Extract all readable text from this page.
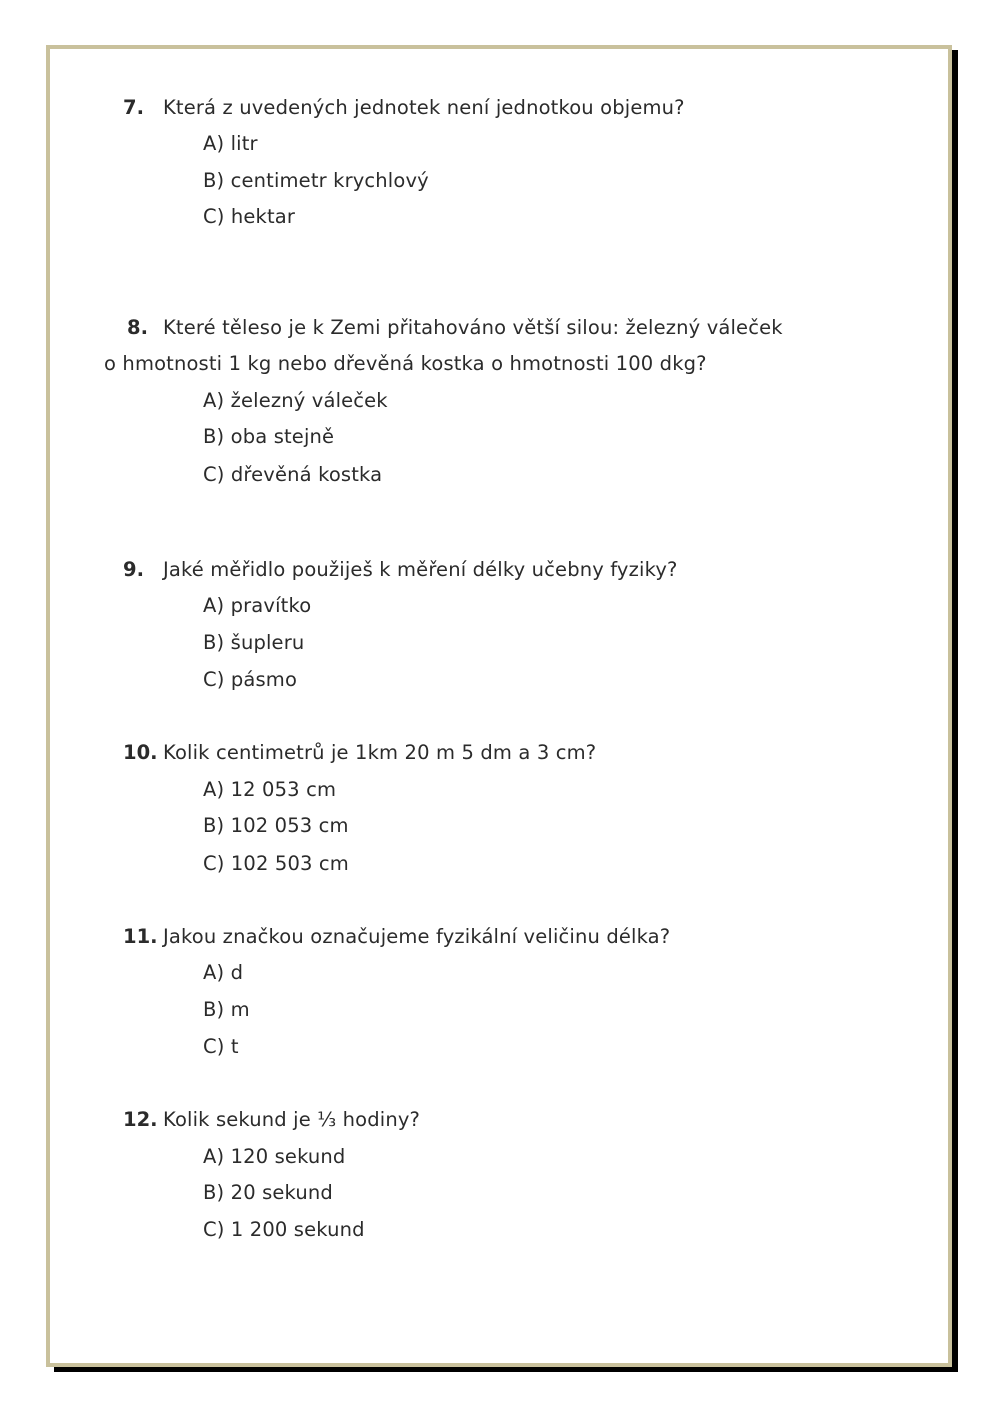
7. Která z uvedených jednotek není jednotkou objemu?
A) litr
B) centimetr krychlový
C) hektar
8. Které těleso je k Zemi přitahováno větší silou: železný váleček
o hmotnosti 1 kg nebo dřevěná kostka o hmotnosti 100 dkg?
A) železný váleček
B) oba stejně
C) dřevěná kostka
9. Jaké měřidlo použiješ k měření délky učebny fyziky?
A) pravítko
B) šupleru
C) pásmo
10. Kolik centimetrů je 1km 20 m 5 dm a 3 cm?
A) 12 053 cm
B) 102 053 cm
C) 102 503 cm
11. Jakou značkou označujeme fyzikální veličinu délka?
A) d
B) m
C) t
12. Kolik sekund je ⅓ hodiny?
A) 120 sekund
B) 20 sekund
C) 1 200 sekund
